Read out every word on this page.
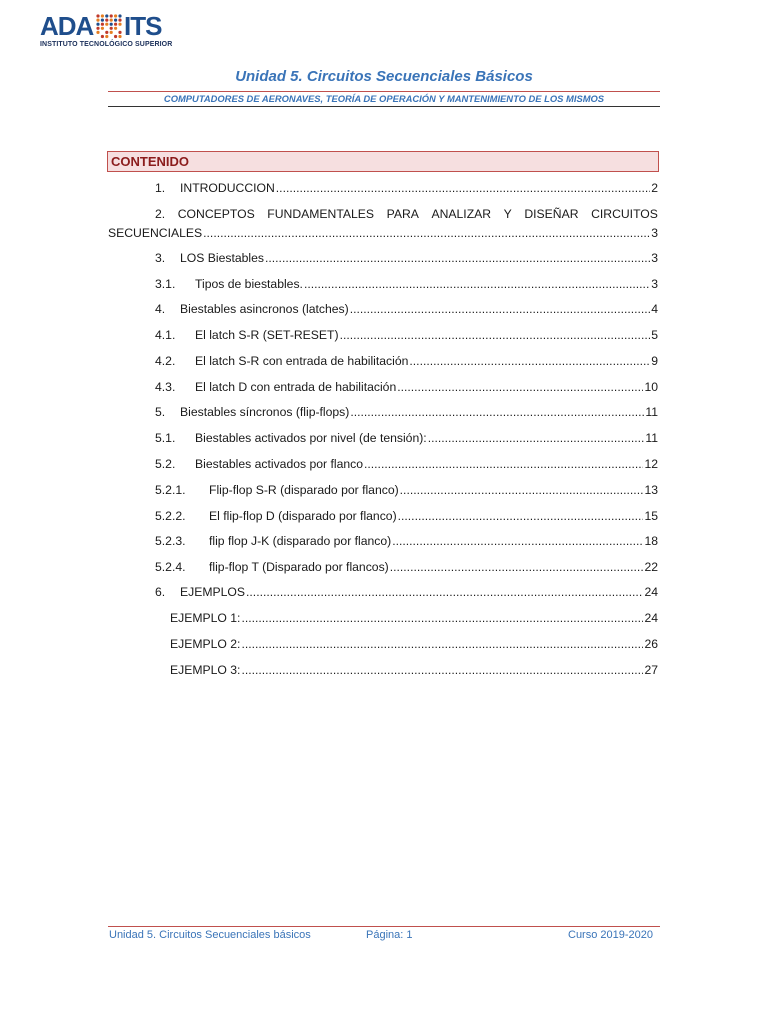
ADA ITS
INSTITUTO TECNOLÓGICO SUPERIOR
Unidad 5. Circuitos Secuenciales Básicos
COMPUTADORES DE AERONAVES, TEORÍA DE OPERACIÓN Y MANTENIMIENTO DE LOS MISMOS
CONTENIDO
1.	INTRODUCCION .....	2
2. CONCEPTOS FUNDAMENTALES PARA ANALIZAR Y DISEÑAR CIRCUITOS
SECUENCIALES .....	3
3.	LOS Biestables .....	3
3.1.	Tipos de biestables. .....	3
4.	Biestables asincronos (latches) .....	4
4.1.	El latch S-R (SET-RESET) .....	5
4.2.	El latch S-R con entrada de habilitación .....	9
4.3.	El latch D con entrada de habilitación .....	10
5.	Biestables síncronos (flip-flops) .....	11
5.1.	Biestables activados por nivel (de tensión): .....	11
5.2.	Biestables activados por flanco .....	12
5.2.1.	Flip-flop S-R (disparado por flanco) .....	13
5.2.2.	El flip-flop D (disparado por flanco) .....	15
5.2.3.	flip flop J-K (disparado por flanco) .....	18
5.2.4.	flip-flop T (Disparado por flancos) .....	22
6.	EJEMPLOS .....	24
EJEMPLO 1: .....	24
EJEMPLO 2: .....	26
EJEMPLO 3: .....	27
Unidad 5. Circuitos Secuenciales básicos	Página: 1	Curso 2019-2020
